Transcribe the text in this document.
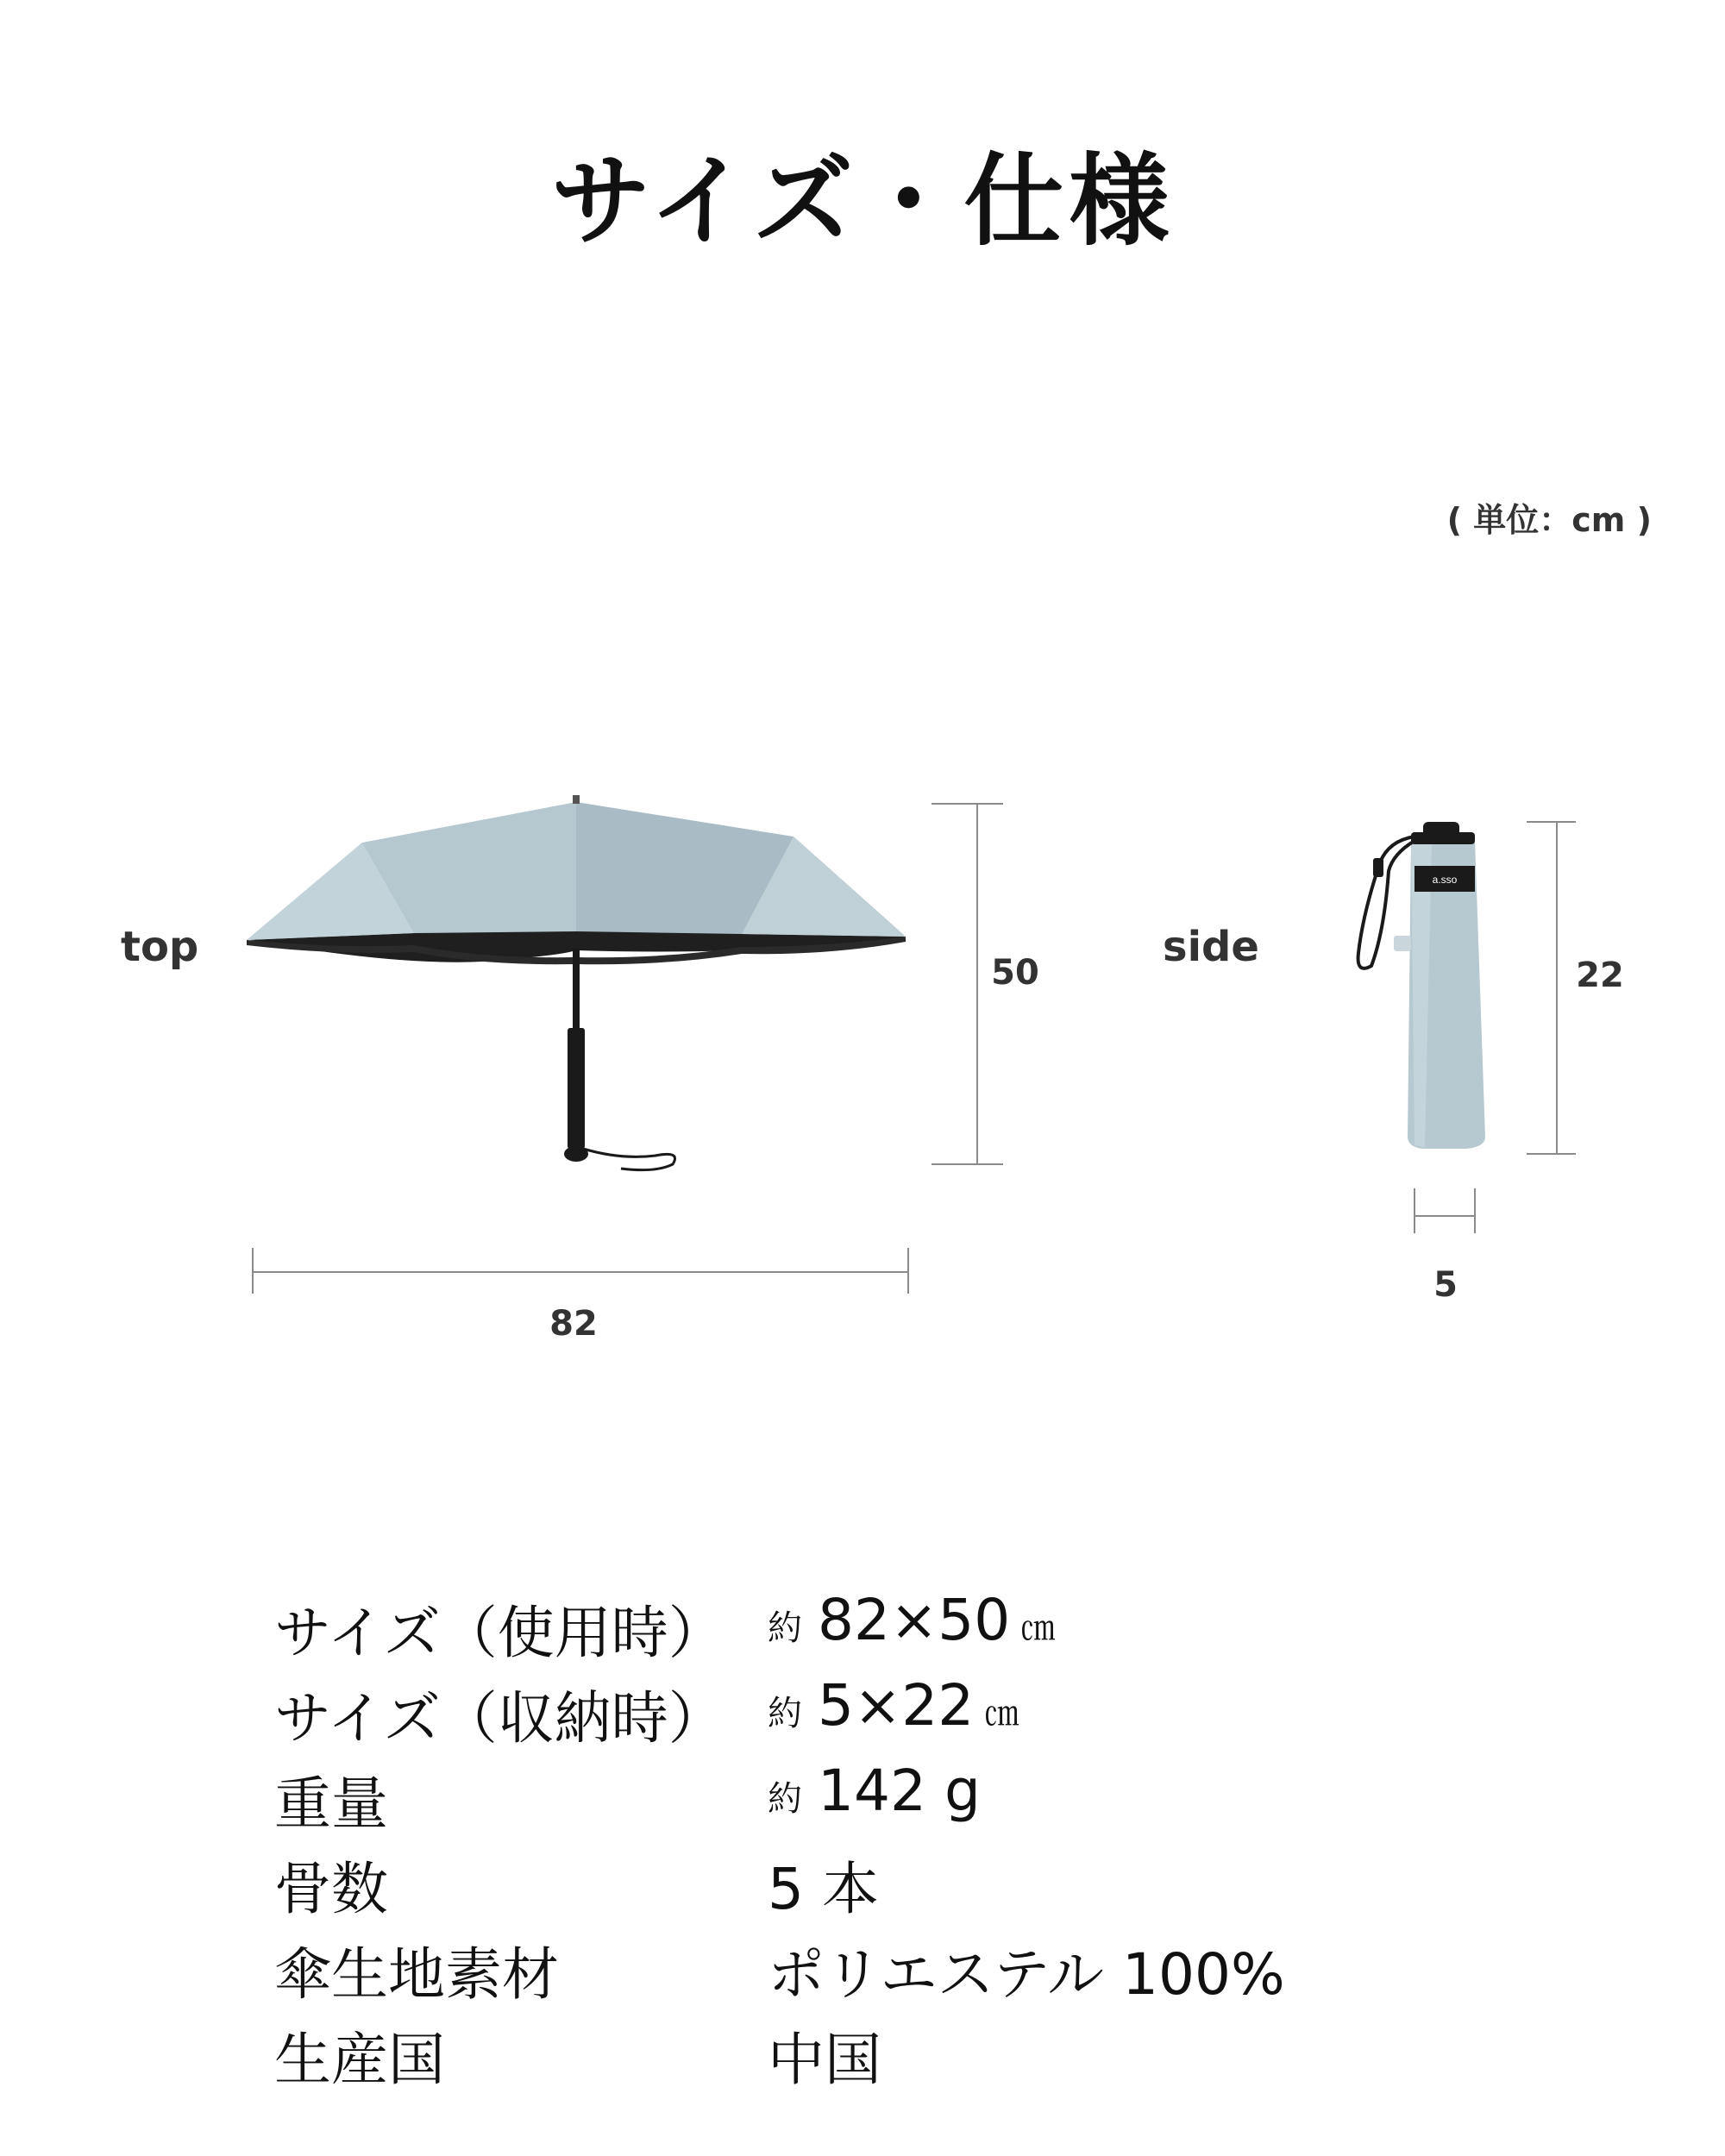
サイズ・仕様
( 単位：cm )
top	side
a.sso
82
50	22
5
サイズ（使用時） 約 82×50 ㎝
サイズ（収納時） 約 5×22 ㎝
重量	約 142 g
骨数	5 本
傘生地素材	ポリエステル 100%
生産国	中国
